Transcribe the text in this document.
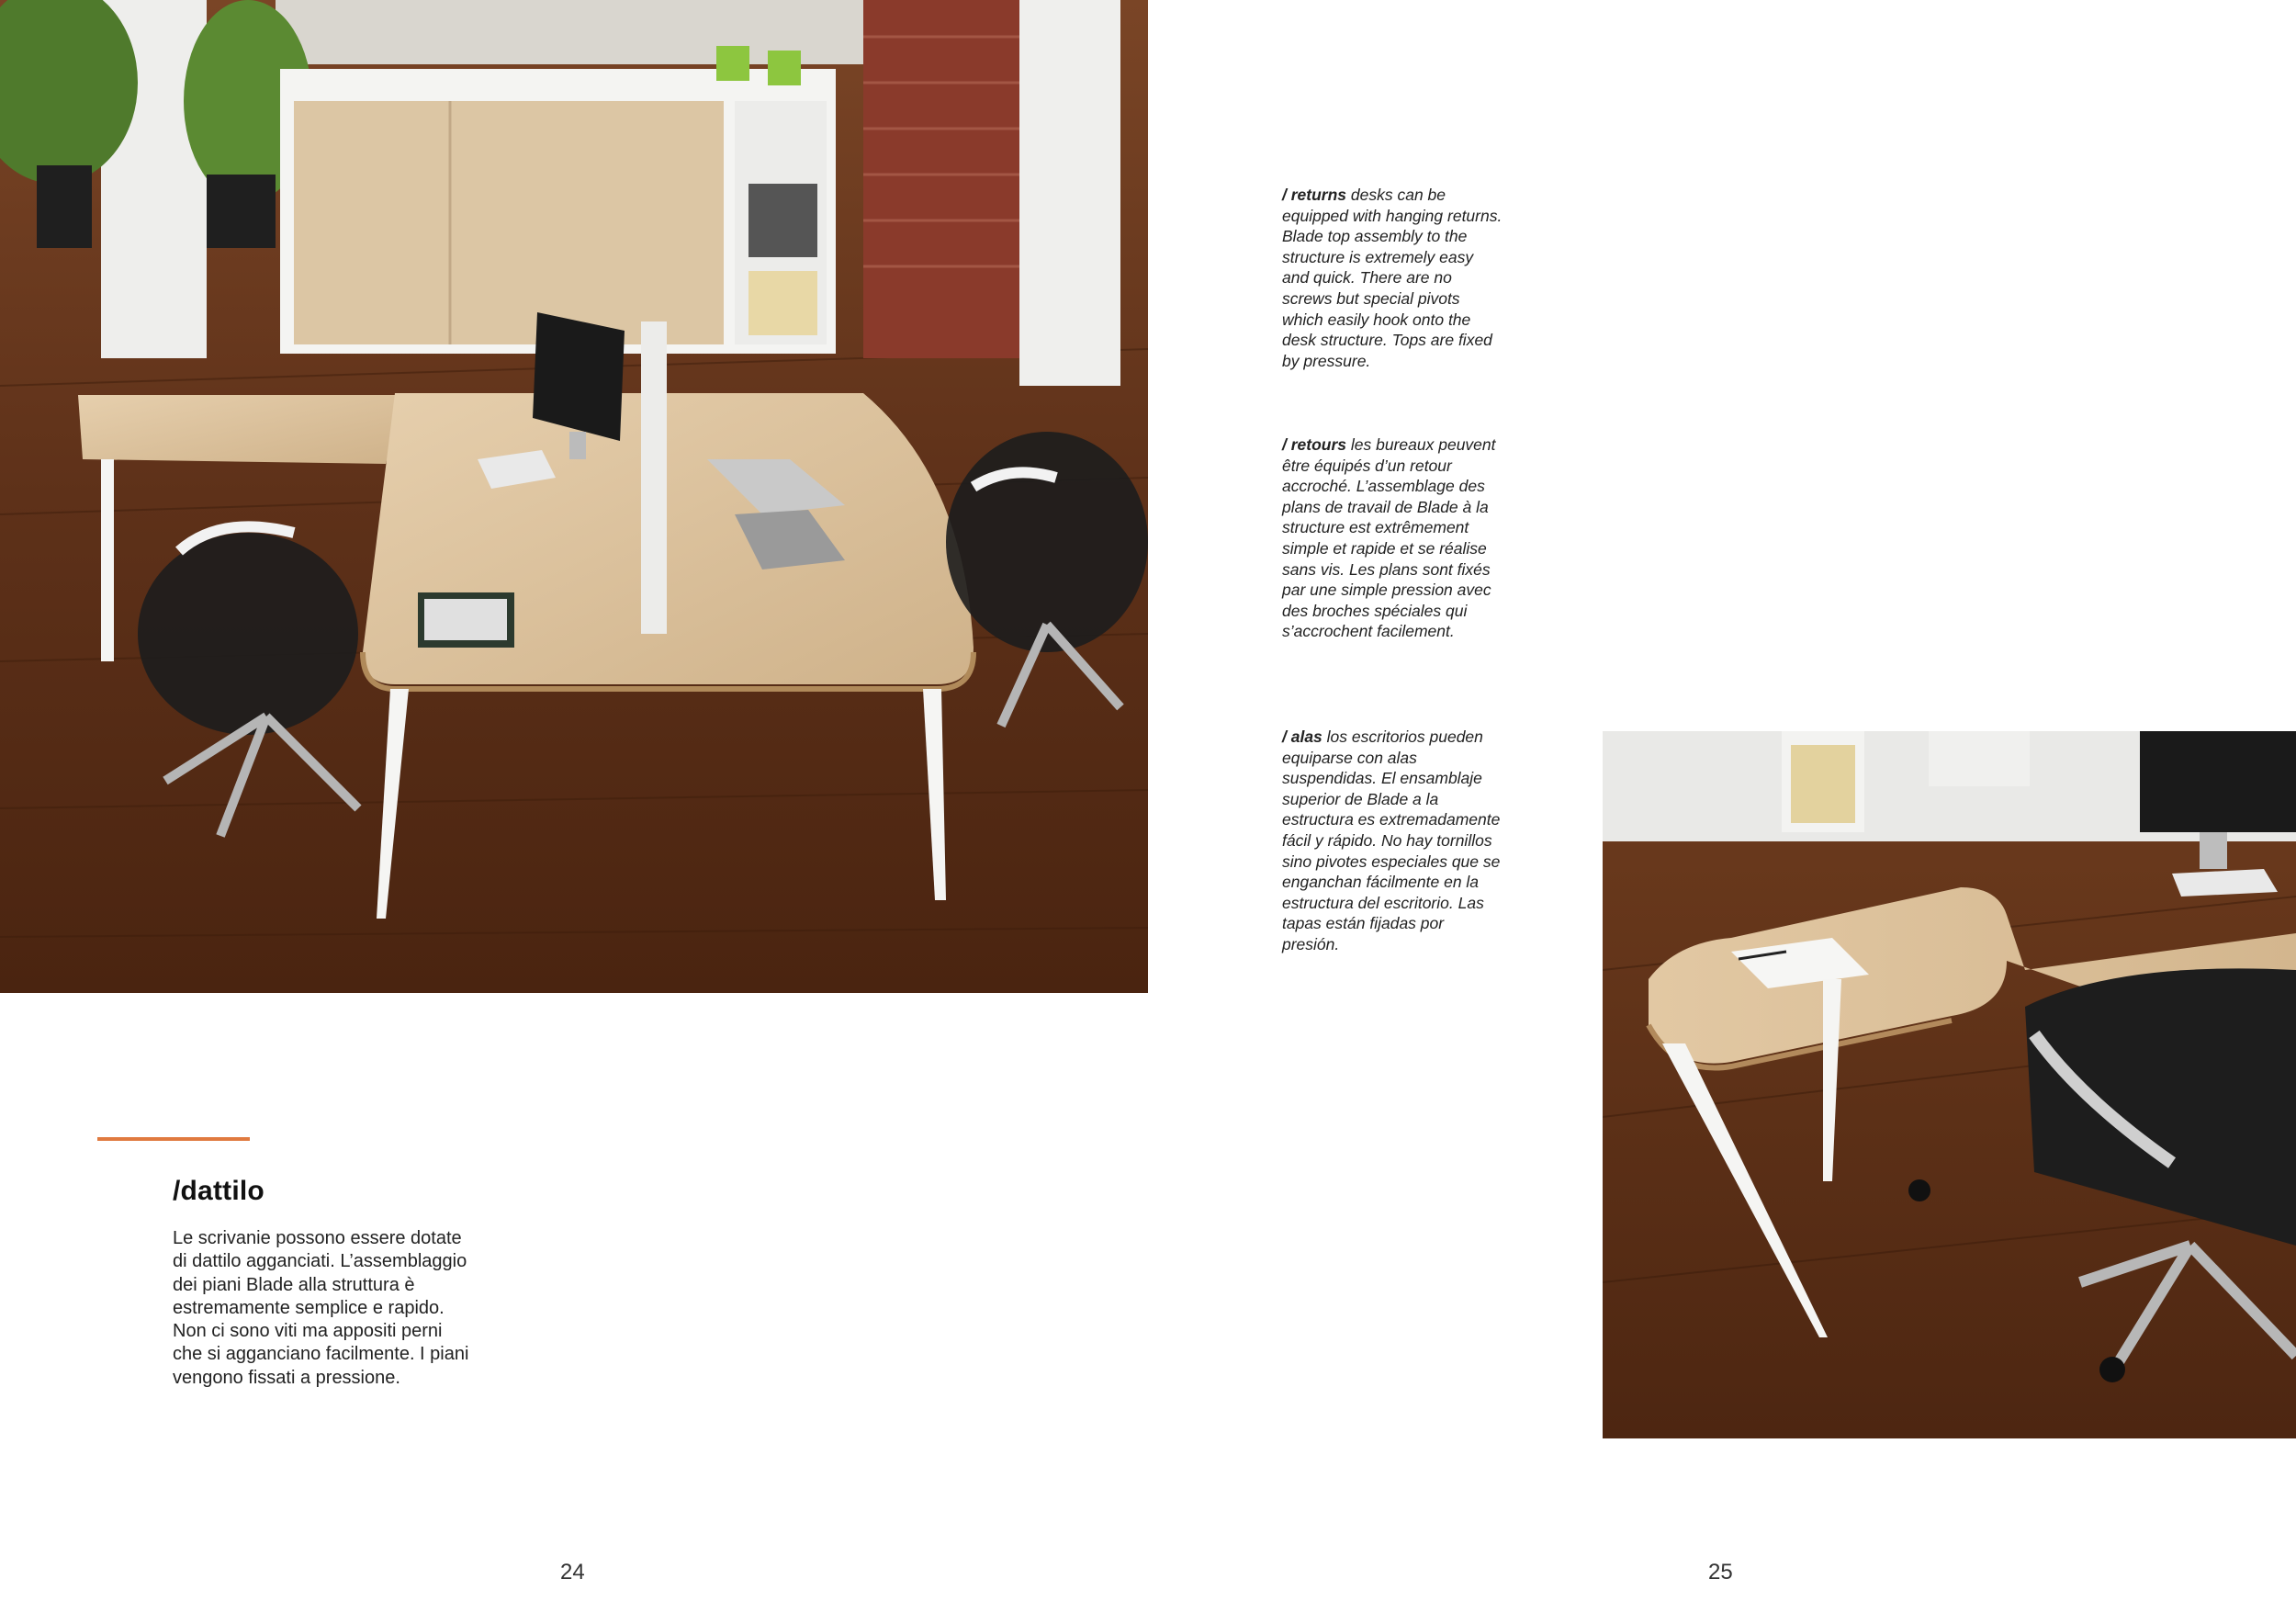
/dattilo

Le scrivanie possono essere dotate di dattilo agganciati. L’assemblaggio dei piani Blade alla struttura è estremamente semplice e rapido. Non ci sono viti ma appositi perni che si agganciano facilmente. I piani vengono fissati a pressione.

24

/ returns desks can be equipped with hanging returns. Blade top assembly to the structure is extremely easy and quick. There are no screws but special pivots which easily hook onto the desk structure. Tops are fixed by pressure.

/ retours les bureaux peuvent être équipés d’un retour accroché. L’assemblage des plans de travail de Blade à la structure est extrêmement simple et rapide et se réalise sans vis. Les plans sont fixés par une simple pression avec des broches spéciales qui s’accrochent facilement.

/ alas los escritorios pueden equiparse con alas suspendidas. El ensamblaje superior de Blade a la estructura es extremadamente fácil y rápido. No hay tornillos sino pivotes especiales que se enganchan fácilmente en la estructura del escritorio. Las tapas están fijadas por presión.

25
